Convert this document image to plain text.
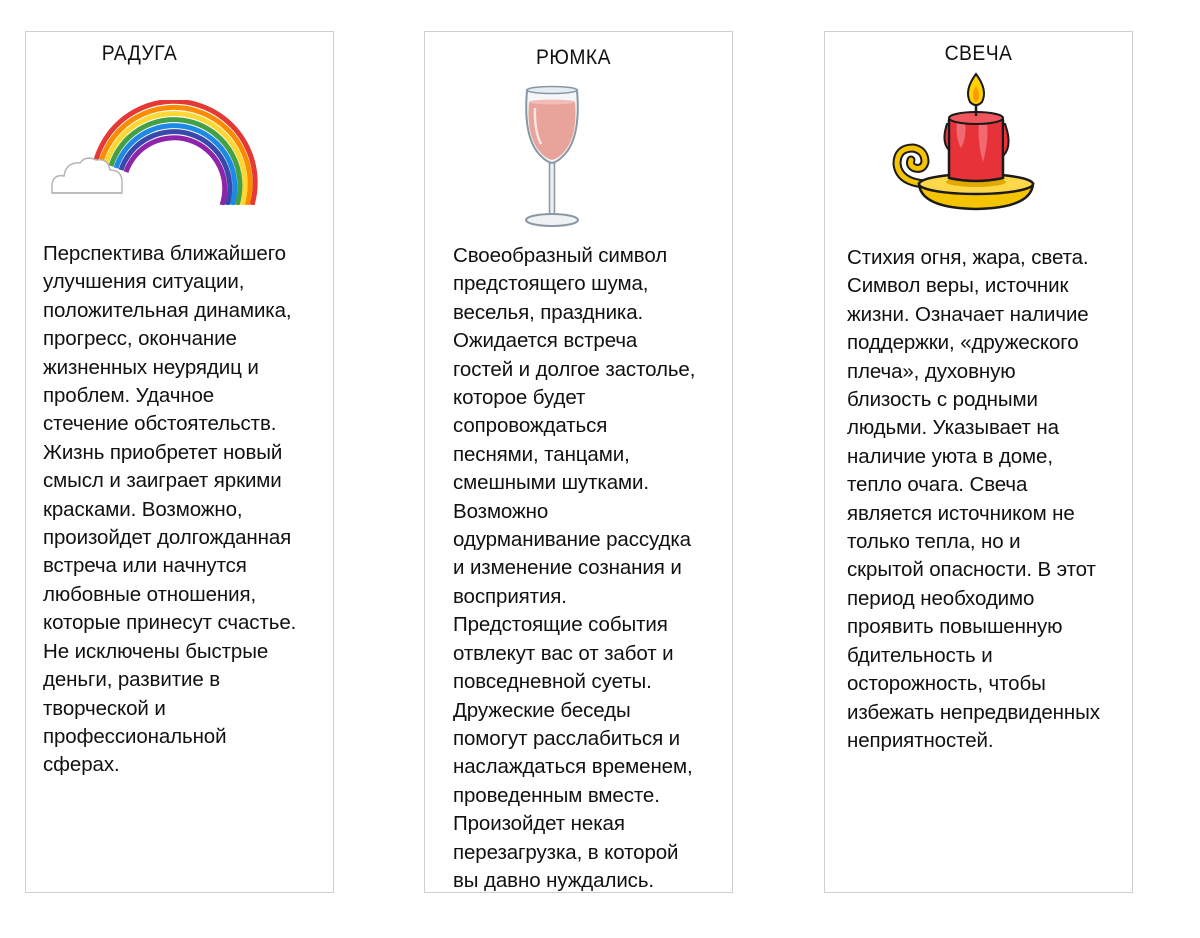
РАДУГА
Перспектива ближайшего
улучшения ситуации,
положительная динамика,
прогресс, окончание
жизненных неурядиц и
проблем. Удачное
стечение обстоятельств.
Жизнь приобретет новый
смысл и заиграет яркими
красками. Возможно,
произойдет долгожданная
встреча или начнутся
любовные отношения,
которые принесут счастье.
Не исключены быстрые
деньги, развитие в
творческой и
профессиональной
сферах.
РЮМКА
Своеобразный символ
предстоящего шума,
веселья, праздника.
Ожидается встреча
гостей и долгое застолье,
которое будет
сопровождаться
песнями, танцами,
смешными шутками.
Возможно
одурманивание рассудка
и изменение сознания и
восприятия.
Предстоящие события
отвлекут вас от забот и
повседневной суеты.
Дружеские беседы
помогут расслабиться и
наслаждаться временем,
проведенным вместе.
Произойдет некая
перезагрузка, в которой
вы давно нуждались.
СВЕЧА
Стихия огня, жара, света.
Символ веры, источник
жизни. Означает наличие
поддержки, «дружеского
плеча», духовную
близость с родными
людьми. Указывает на
наличие уюта в доме,
тепло очага. Свеча
является источником не
только тепла, но и
скрытой опасности. В этот
период необходимо
проявить повышенную
бдительность и
осторожность, чтобы
избежать непредвиденных
неприятностей.
